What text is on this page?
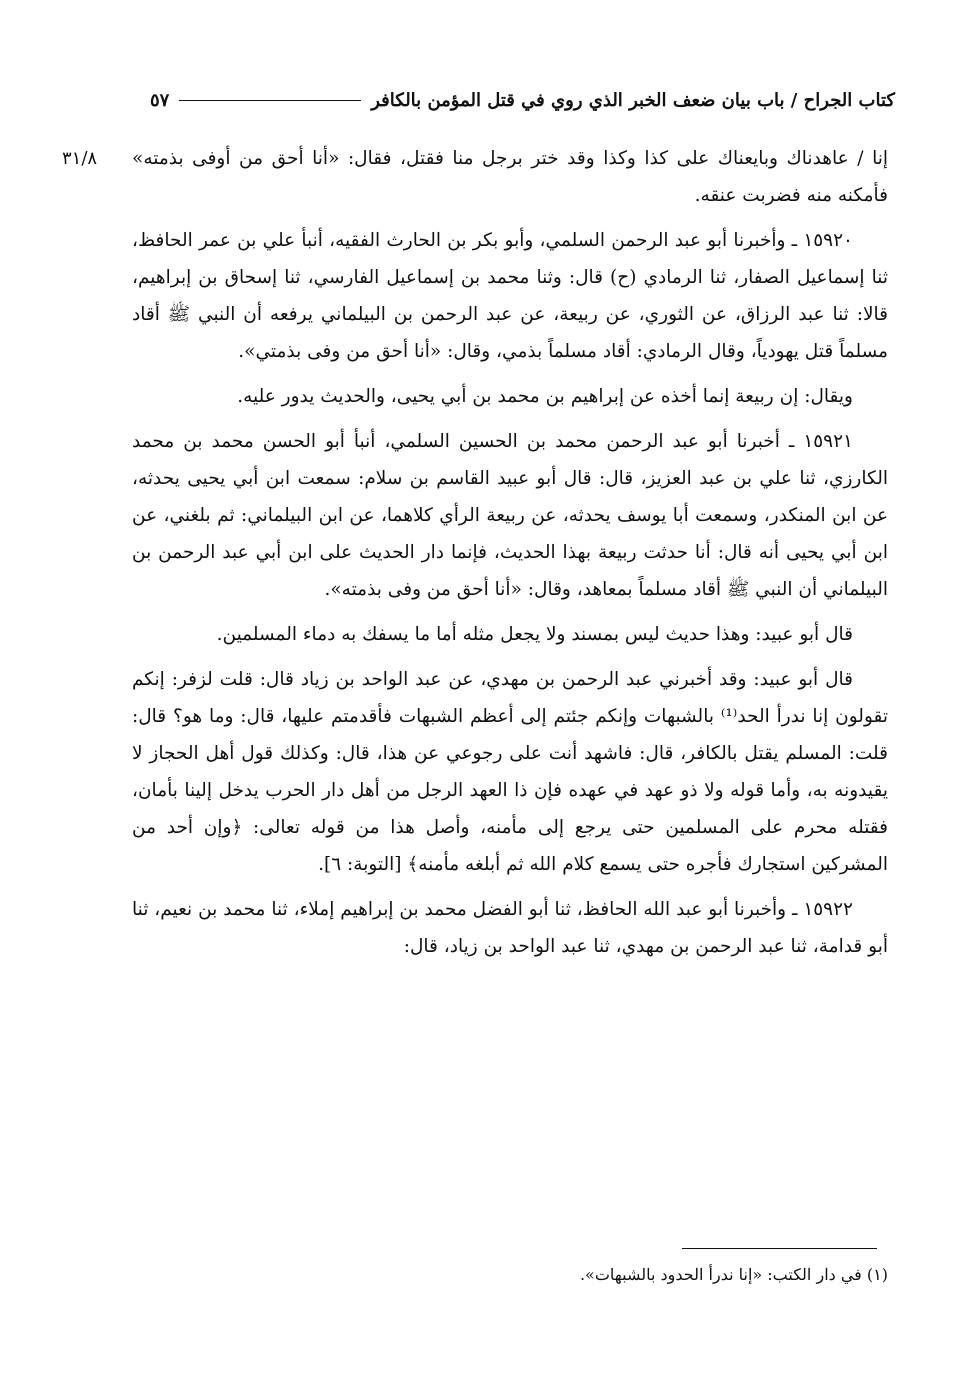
كتاب الجراح / باب بيان ضعف الخبر الذي روي في قتل المؤمن بالكافر
٥٧
٣١/٨ إنا / عاهدناك وبايعناك على كذا وكذا وقد ختر برجل منا فقتل، فقال: «أنا أحق من أوفى بذمته» فأمكنه منه فضربت عنقه.

١٥٩٢٠ ـ وأخبرنا أبو عبد الرحمن السلمي، وأبو بكر بن الحارث الفقيه، أنبأ علي بن عمر الحافظ، ثنا إسماعيل الصفار، ثنا الرمادي (ح) قال: وثنا محمد بن إسماعيل الفارسي، ثنا إسحاق بن إبراهيم، قالا: ثنا عبد الرزاق، عن الثوري، عن ربيعة، عن عبد الرحمن بن البيلماني يرفعه أن النبي ﷺ أقاد مسلماً قتل يهودياً، وقال الرمادي: أقاد مسلماً بذمي، وقال: «أنا أحق من وفى بذمتي».

ويقال: إن ربيعة إنما أخذه عن إبراهيم بن محمد بن أبي يحيى، والحديث يدور عليه.

١٥٩٢١ ـ أخبرنا أبو عبد الرحمن محمد بن الحسين السلمي، أنبأ أبو الحسن محمد بن محمد الكارزي، ثنا علي بن عبد العزيز، قال: قال أبو عبيد القاسم بن سلام: سمعت ابن أبي يحيى يحدثه، عن ابن المنكدر، وسمعت أبا يوسف يحدثه، عن ربيعة الرأي كلاهما، عن ابن البيلماني: ثم بلغني، عن ابن أبي يحيى أنه قال: أنا حدثت ربيعة بهذا الحديث، فإنما دار الحديث على ابن أبي عبد الرحمن بن البيلماني أن النبي ﷺ أقاد مسلماً بمعاهد، وقال: «أنا أحق من وفى بذمته».

قال أبو عبيد: وهذا حديث ليس بمسند ولا يجعل مثله أما ما يسفك به دماء المسلمين.

قال أبو عبيد: وقد أخبرني عبد الرحمن بن مهدي، عن عبد الواحد بن زياد قال: قلت لزفر: إنكم تقولون إنا ندرأ الحد⁽¹⁾ بالشبهات وإنكم جئتم إلى أعظم الشبهات فأقدمتم عليها، قال: وما هو؟ قال: قلت: المسلم يقتل بالكافر، قال: فاشهد أنت على رجوعي عن هذا، قال: وكذلك قول أهل الحجاز لا يقيدونه به، وأما قوله ولا ذو عهد في عهده فإن ذا العهد الرجل من أهل دار الحرب يدخل إلينا بأمان، فقتله محرم على المسلمين حتى يرجع إلى مأمنه، وأصل هذا من قوله تعالى: ﴿وإن أحد من المشركين استجارك فأجره حتى يسمع كلام الله ثم أبلغه مأمنه﴾ [التوبة: ٦].

١٥٩٢٢ ـ وأخبرنا أبو عبد الله الحافظ، ثنا أبو الفضل محمد بن إبراهيم إملاء، ثنا محمد بن نعيم، ثنا أبو قدامة، ثنا عبد الرحمن بن مهدي، ثنا عبد الواحد بن زياد، قال:

(١) في دار الكتب: «إنا ندرأ الحدود بالشبهات».
